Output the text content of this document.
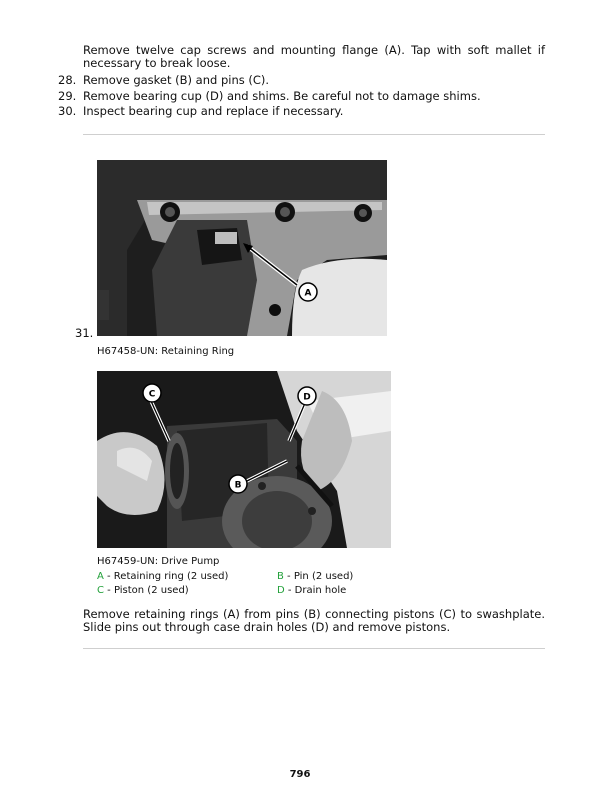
Remove twelve cap screws and mounting flange (A). Tap with soft mallet if necessary to break loose.
28. Remove gasket (B) and pins (C).
29. Remove bearing cup (D) and shims. Be careful not to damage shims.
30. Inspect bearing cup and replace if necessary.
A
31.
H67458-UN: Retaining Ring
C	D
B
H67459-UN: Drive Pump
A - Retaining ring (2 used)	B - Pin (2 used)
C - Piston (2 used)	D - Drain hole
Remove retaining rings (A) from pins (B) connecting pistons (C) to swashplate. Slide pins out through case drain holes (D) and remove pistons.
796
